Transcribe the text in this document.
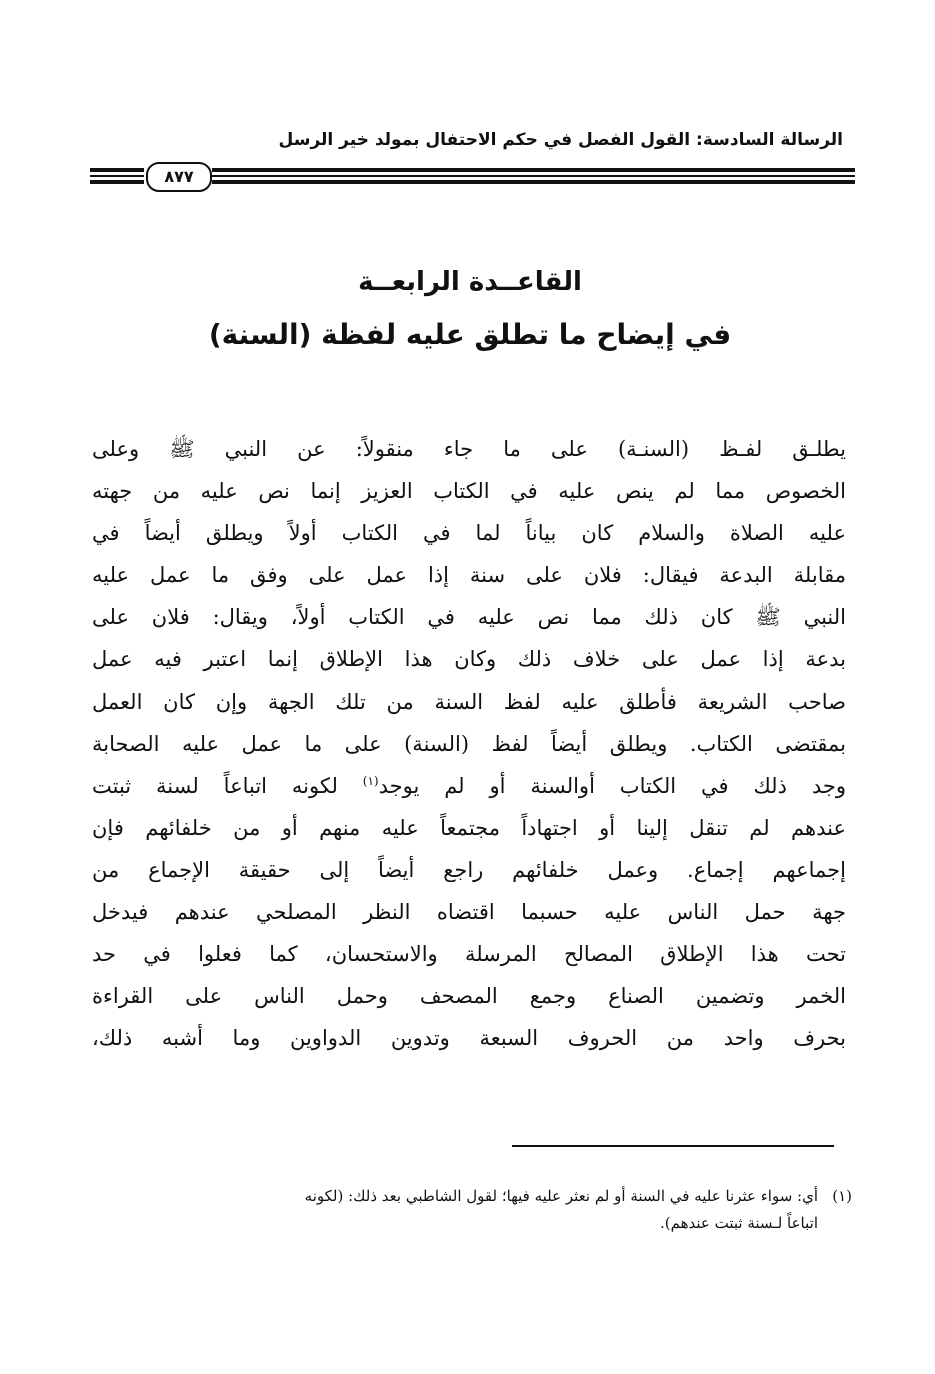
الرسالة السادسة: القول الفصل في حكم الاحتفال بمولد خير الرسل
٨٧٧
القاعــدة الرابعــة
في إيضاح ما تطلق عليه لفظة (السنة)
يطلـق لفـظ (السنـة) على ما جاء منقولاً: عن النبي ﷺ وعلى
الخصوص مما لم ينص عليه في الكتاب العزيز إنما نص عليه من جهته
عليه الصلاة والسلام كان بياناً لما في الكتاب أولاً ويطلق أيضاً في
مقابلة البدعة فيقال: فلان على سنة إذا عمل على وفق ما عمل عليه
النبي ﷺ كان ذلك مما نص عليه في الكتاب أولاً، ويقال: فلان على
بدعة إذا عمل على خلاف ذلك وكان هذا الإطلاق إنما اعتبر فيه عمل
صاحب الشريعة فأطلق عليه لفظ السنة من تلك الجهة وإن كان العمل
بمقتضى الكتاب. ويطلق أيضاً لفظ (السنة) على ما عمل عليه الصحابة
وجد ذلك في الكتاب أوالسنة أو لم يوجد$^{(١)}$ لكونه اتباعاً لسنة ثبتت
عندهم لم تنقل إلينا أو اجتهاداً مجتمعاً عليه منهم أو من خلفائهم فإن
إجماعهم إجماع. وعمل خلفائهم راجع أيضاً إلى حقيقة الإجماع من
جهة حمل الناس عليه حسبما اقتضاه النظر المصلحي عندهم فيدخل
تحت هذا الإطلاق المصالح المرسلة والاستحسان، كما فعلوا في حد
الخمر وتضمين الصناع وجمع المصحف وحمل الناس على القراءة
بحرف واحد من الحروف السبعة وتدوين الدواوين وما أشبه ذلك،
(١)أي: سواء عثرنا عليه في السنة أو لم نعثر عليه فيها؛ لقول الشاطبي بعد ذلك: (لكونه
اتباعاً لـسنة ثبتت عندهم).
